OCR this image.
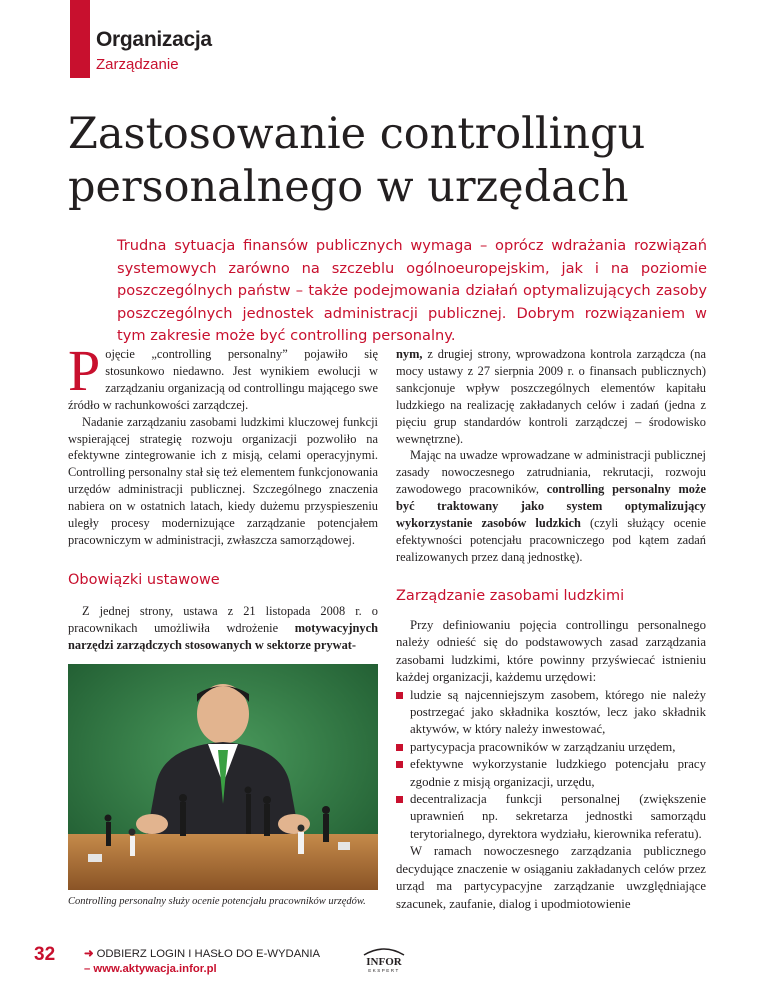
Organizacja
Zarządzanie
Zastosowanie controllingu personalnego w urzędach

Trudna sytuacja finansów publicznych wymaga – oprócz wdrażania rozwiązań systemowych zarówno na szczeblu ogólnoeuropejskim, jak i na poziomie poszczególnych państw – także podejmowania działań optymalizujących zasoby poszczególnych jednostek administracji publicznej. Dobrym rozwiązaniem w tym zakresie może być controlling personalny.

P ojęcie „controlling personalny” pojawiło się stosunkowo niedawno. Jest wynikiem ewolucji w zarządzaniu organizacją od controllingu mającego swe źródło w rachunkowości zarządczej.

Nadanie zarządzaniu zasobami ludzkimi kluczowej funkcji wspierającej strategię rozwoju organizacji pozwoliło na efektywne zintegrowanie ich z misją, celami operacyjnymi. Controlling personalny stał się też elementem funkcjonowania urzędów administracji publicznej. Szczególnego znaczenia nabiera on w ostatnich latach, kiedy dużemu przyspieszeniu uległy procesy modernizujące zarządzanie potencjałem pracowniczym w administracji, zwłaszcza samorządowej.

Obowiązki ustawowe

Z jednej strony, ustawa z 21 listopada 2008 r. o pracownikach umożliwiła wdrożenie motywacyjnych narzędzi zarządczych stosowanych w sektorze prywat-

Controlling personalny służy ocenie potencjału pracowników urzędów.

nym, z drugiej strony, wprowadzona kontrola zarządcza (na mocy ustawy z 27 sierpnia 2009 r. o finansach publicznych) sankcjonuje wpływ poszczególnych elementów kapitału ludzkiego na realizację zakładanych celów i zadań (jedna z pięciu grup standardów kontroli zarządczej – środowisko wewnętrzne).

Mając na uwadze wprowadzane w administracji publicznej zasady nowoczesnego zatrudniania, rekrutacji, rozwoju zawodowego pracowników, controlling personalny może być traktowany jako system optymalizujący wykorzystanie zasobów ludzkich (czyli służący ocenie efektywności potencjału pracowniczego pod kątem zadań realizowanych przez daną jednostkę).

Zarządzanie zasobami ludzkimi

Przy definiowaniu pojęcia controllingu personalnego należy odnieść się do podstawowych zasad zarządzania zasobami ludzkimi, które powinny przyświecać istnieniu każdej organizacji, każdemu urzędowi:

ludzie są najcenniejszym zasobem, którego nie należy postrzegać jako składnika kosztów, lecz jako składnik aktywów, w który należy inwestować,
partycypacja pracowników w zarządzaniu urzędem,
efektywne wykorzystanie ludzkiego potencjału pracy zgodnie z misją organizacji, urzędu,
decentralizacja funkcji personalnej (zwiększenie uprawnień np. sekretarza jednostki samorządu terytorialnego, dyrektora wydziału, kierownika referatu).

W ramach nowoczesnego zarządzania publicznego decydujące znaczenie w osiąganiu zakładanych celów przez urząd ma partycypacyjne zarządzanie uwzględniające szacunek, zaufanie, dialog i upodmiotowienie

32	➜ ODBIERZ LOGIN I HASŁO DO E-WYDANIA
– www.aktywacja.infor.pl
INFOR
EKSPERT
